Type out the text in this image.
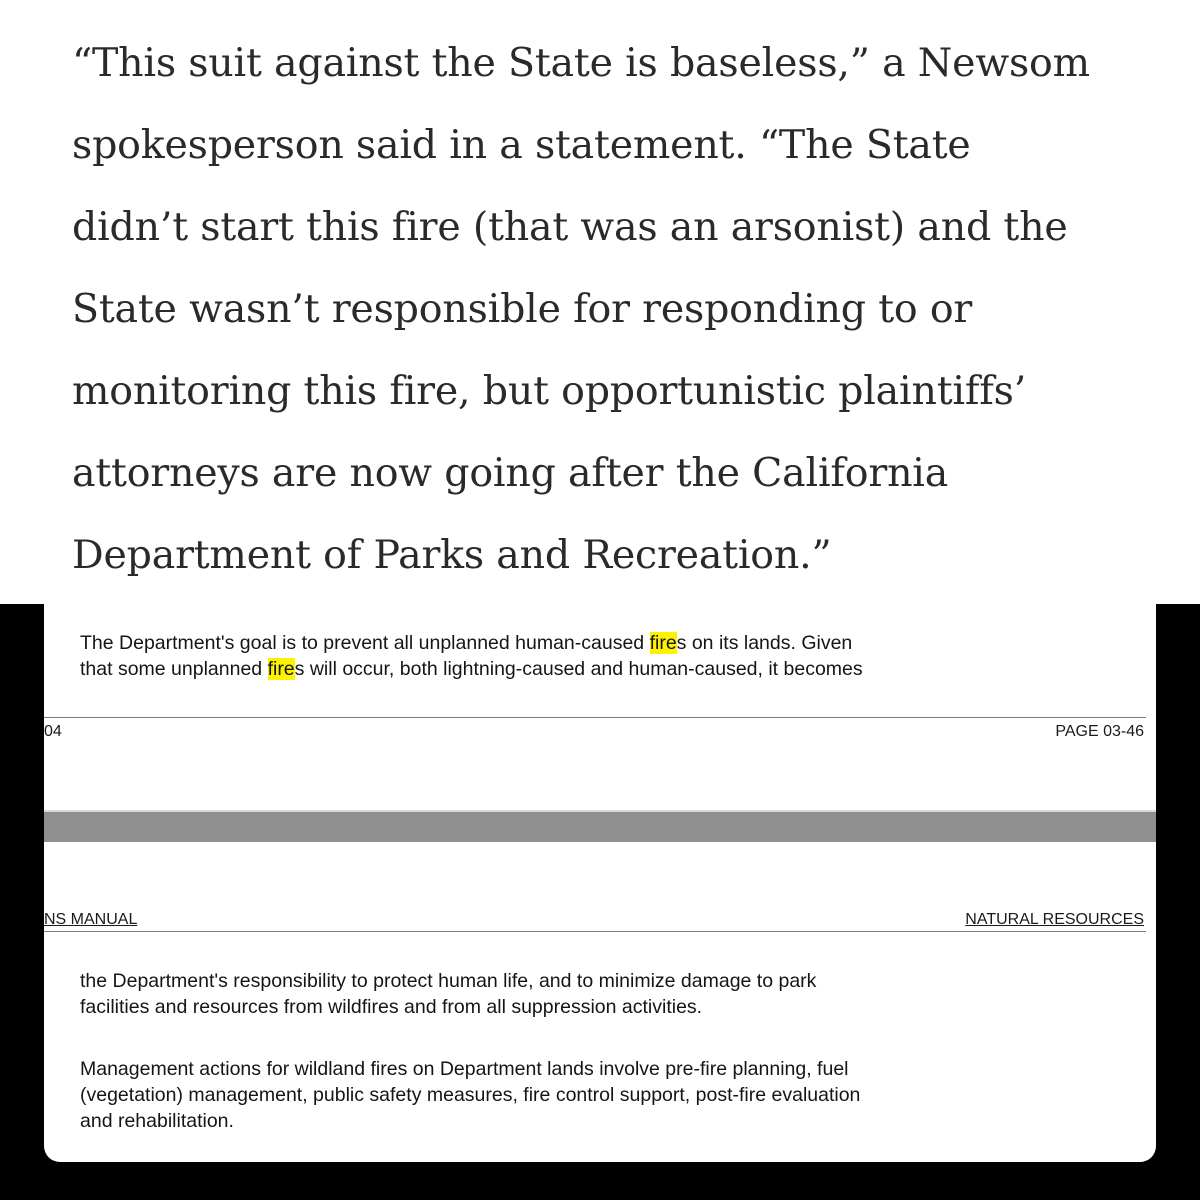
“This suit against the State is baseless,” a Newsom
spokesperson said in a statement. “The State
didn’t start this fire (that was an arsonist) and the
State wasn’t responsible for responding to or
monitoring this fire, but opportunistic plaintiffs’
attorneys are now going after the California
Department of Parks and Recreation.”

The Department's goal is to prevent all unplanned human-caused fires on its lands. Given
that some unplanned fires will occur, both lightning-caused and human-caused, it becomes

04	PAGE 03-46
NS MANUAL	NATURAL RESOURCES

the Department's responsibility to protect human life, and to minimize damage to park
facilities and resources from wildfires and from all suppression activities.

Management actions for wildland fires on Department lands involve pre-fire planning, fuel
(vegetation) management, public safety measures, fire control support, post-fire evaluation
and rehabilitation.
